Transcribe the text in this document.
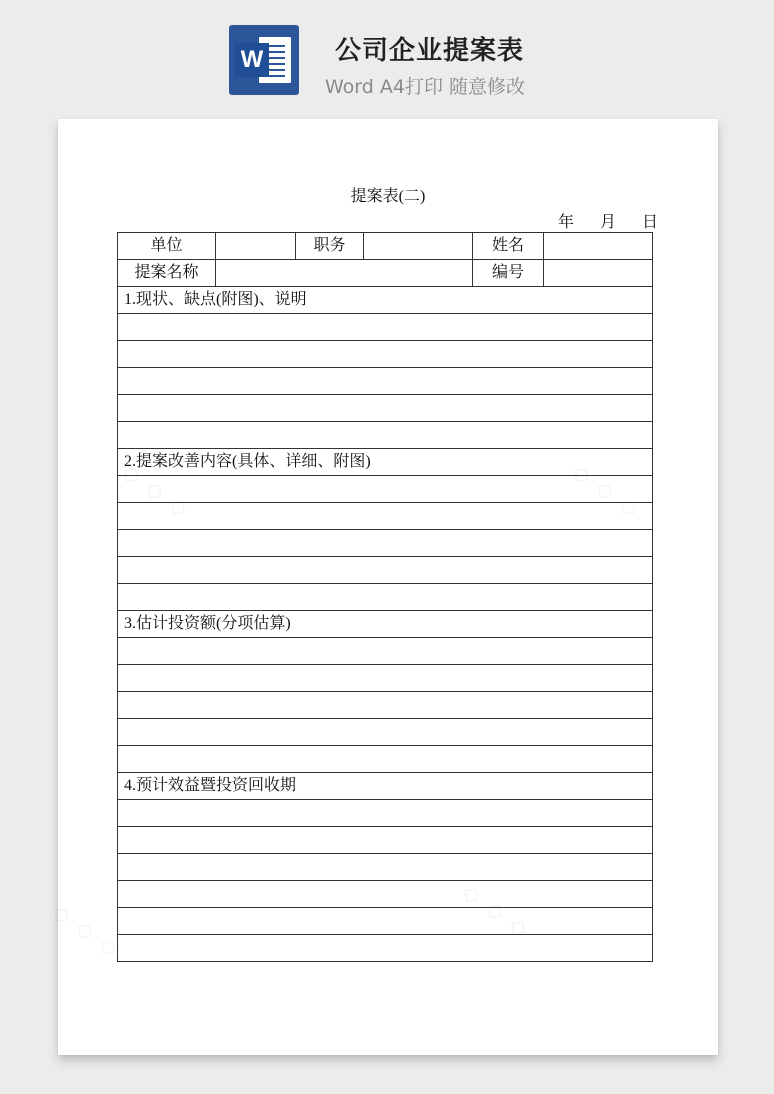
W	公司企业提案表
Word A4打印 随意修改
◇ ◇ ◇	◇ ◇ ◇
◇ ◇ ◇	◇ ◇ ◇
提案表(二)
年 月 日
单位		职务		姓名	
提案名称				编号	
1.现状、缺点(附图)、说明					

2.提案改善内容(具体、详细、附图)					

3.估计投资额(分项估算)					

4.预计效益暨投资回收期					
